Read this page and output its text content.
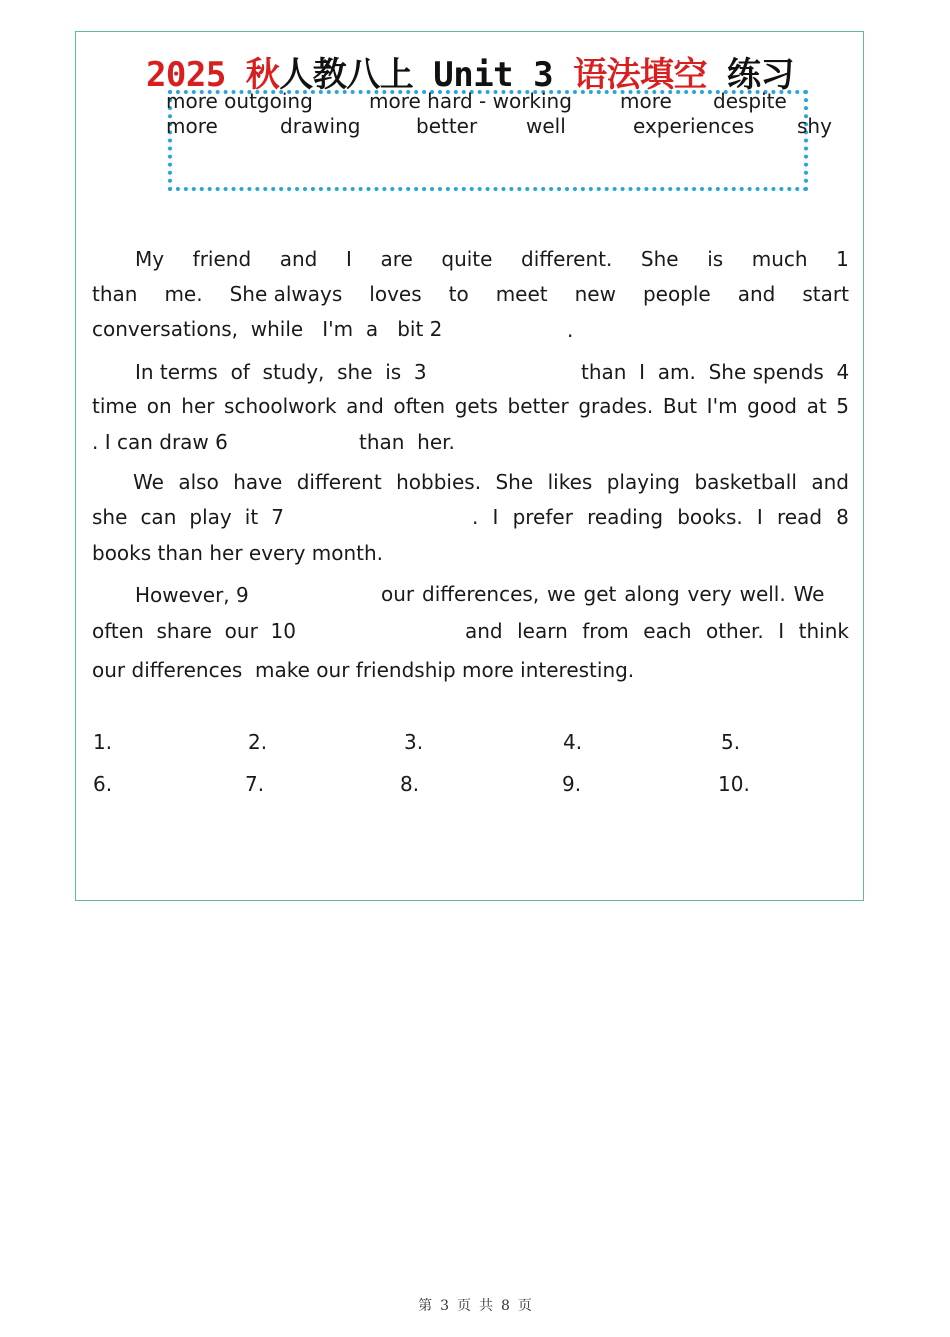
2025 秋人教八上 Unit 3 语法填空 练习
more outgoing	more hard - working more despite
more	drawing	better well	experiences shy
My friend and I are quite different. She is much 1
than me. She always loves to meet new people and start
conversations,  while   I'm  a   bit 2	.
In terms  of  study,  she  is  3	than  I  am.  She spends  4
time on her schoolwork and often gets better grades. But I'm good at 5
. I can draw 6	than  her.
We also have different hobbies. She likes playing basketball and
she can play it 7	. I prefer reading books. I read 8
books than her every month.
However, 9	our differences, we get along very well. We
often share our 10	and learn from each other. I think
our differences  make our friendship more interesting.
1.	2.	3.	4.	5.
6.	7.	8.	9.	10.
第 3 页 共 8 页
